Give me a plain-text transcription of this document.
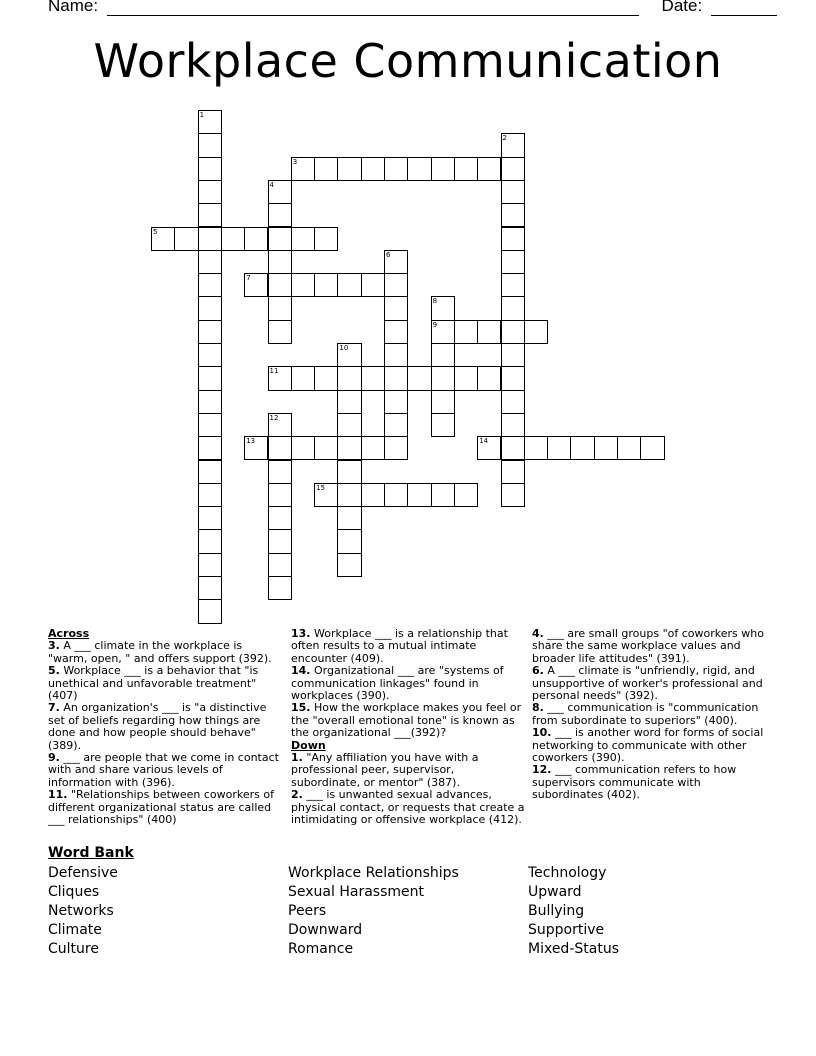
Name:	Date:
Workplace Communication
1
2
3
4
5
6
7
8
9
10
11
12
13	14
15
Across
3. A ___ climate in the workplace is "warm, open, " and offers support (392).
5. Workplace ___ is a behavior that "is unethical and unfavorable treatment" (407)
7. An organization's ___ is "a distinctive set of beliefs regarding how things are done and how people should behave" (389).
9. ___ are people that we come in contact with and share various levels of information with (396).
11. "Relationships between coworkers of different organizational status are called ___ relationships" (400)
13. Workplace ___ is a relationship that often results to a mutual intimate encounter (409).
14. Organizational ___ are "systems of communication linkages" found in workplaces (390).
15. How the workplace makes you feel or the "overall emotional tone" is known as the organizational ___(392)?
Down
1. "Any affiliation you have with a professional peer, supervisor, subordinate, or mentor" (387).
2. ___ is unwanted sexual advances, physical contact, or requests that create a intimidating or offensive workplace (412).
4. ___ are small groups "of coworkers who share the same workplace values and broader life attitudes" (391).
6. A ___ climate is "unfriendly, rigid, and unsupportive of worker's professional and personal needs" (392).
8. ___ communication is "communication from subordinate to superiors" (400).
10. ___ is another word for forms of social networking to communicate with other coworkers (390).
12. ___ communication refers to how supervisors communicate with subordinates (402).
Word Bank
Defensive
Cliques
Networks
Climate
Culture
Workplace Relationships
Sexual Harassment
Peers
Downward
Romance
Technology
Upward
Bullying
Supportive
Mixed-Status
